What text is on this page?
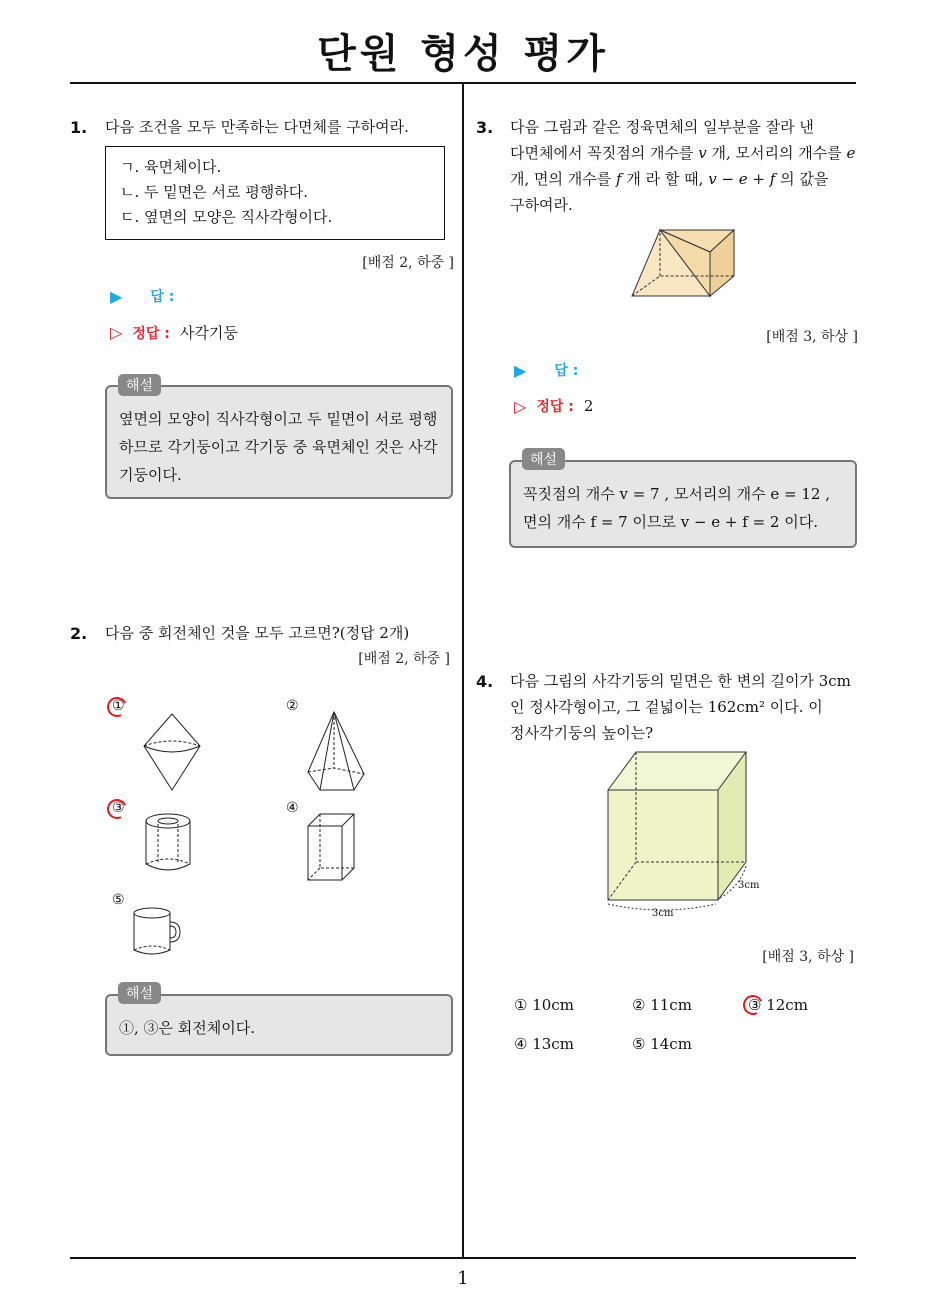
단원 형성 평가
1
1. 다음 조건을 모두 만족하는 다면체를 구하여라.
ㄱ. 육면체이다.
ㄴ. 두 밑면은 서로 평행하다.
ㄷ. 옆면의 모양은 직사각형이다.
[배점 2, 하중 ]
▶ 답 :
▷ 정답 : 사각기둥
옆면의 모양이 직사각형이고 두 밑면이 서로 평행하므로 각기둥이고 각기둥 중 육면체인 것은 사각기둥이다.
해설
2. 다음 중 회전체인 것을 모두 고르면?(정답 2개)
[배점 2, 하중 ]
①	②
③	④
⑤
①, ③은 회전체이다.
해설
3. 다음 그림과 같은 정육면체의 일부분을 잘라 낸
다면체에서 꼭짓점의 개수를 v 개, 모서리의 개수를 e
개, 면의 개수를 f 개 라 할 때, v − e + f 의 값을
구하여라.
[배점 3, 하상 ]
▶ 답 :
▷ 정답 : 2
꼭짓점의 개수 v = 7 , 모서리의 개수 e = 12 ,
면의 개수 f = 7 이므로 v − e + f = 2 이다.
해설
4. 다음 그림의 사각기둥의 밑면은 한 변의 길이가 3cm
인 정사각형이고, 그 겉넓이는 162cm² 이다. 이
정사각기둥의 높이는?
3cm
3cm
[배점 3, 하상 ]
① 10cm	② 11cm	③ 12cm
④ 13cm	⑤ 14cm
